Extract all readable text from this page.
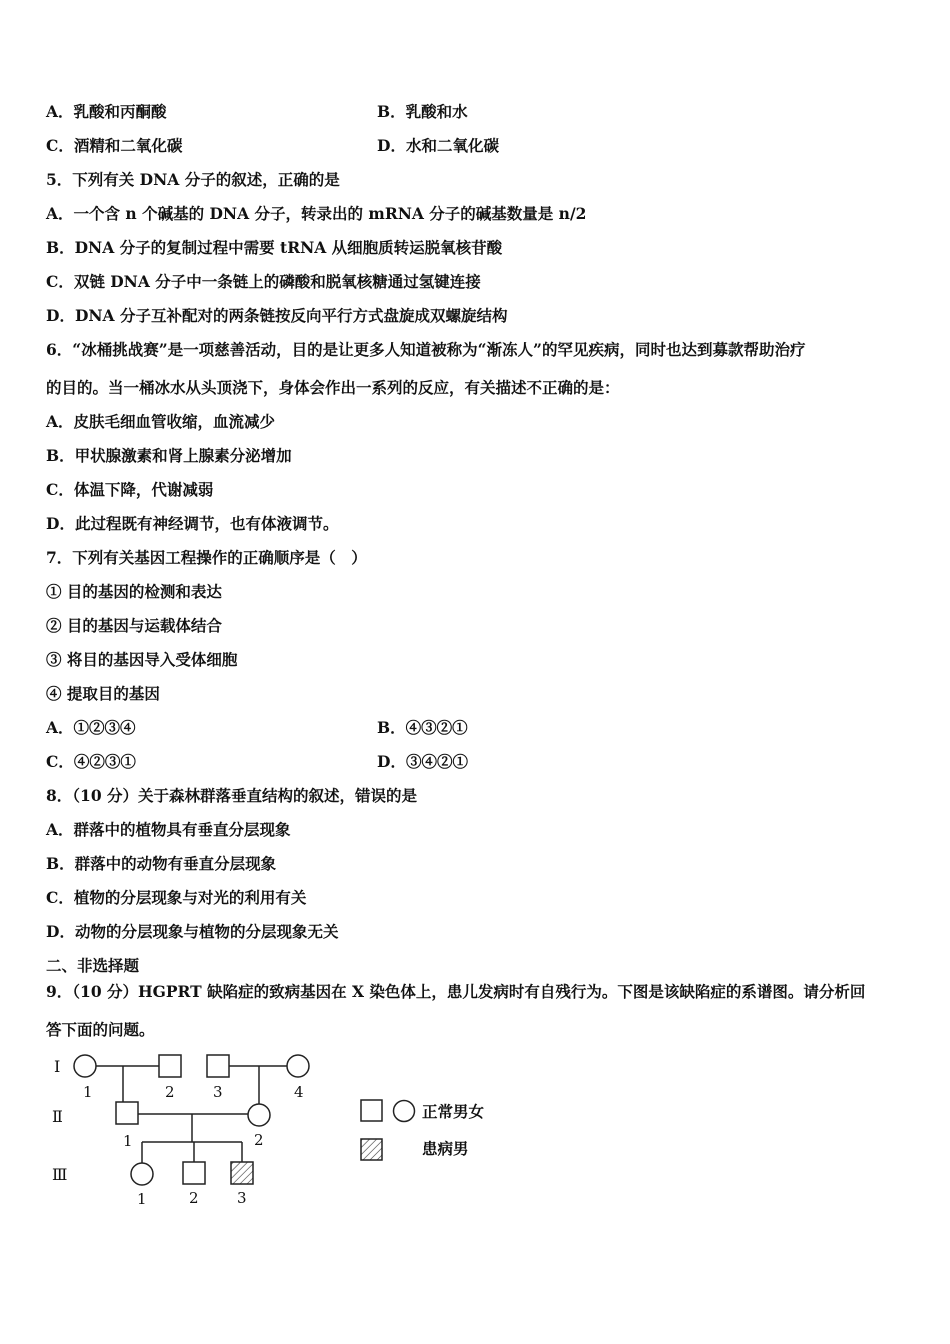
A．乳酸和丙酮酸	B．乳酸和水
C．酒精和二氧化碳	D．水和二氧化碳
5．下列有关 DNA 分子的叙述，正确的是
A．一个含 n 个碱基的 DNA 分子，转录出的 mRNA 分子的碱基数量是 n/2
B．DNA 分子的复制过程中需要 tRNA 从细胞质转运脱氧核苷酸
C．双链 DNA 分子中一条链上的磷酸和脱氧核糖通过氢键连接
D．DNA 分子互补配对的两条链按反向平行方式盘旋成双螺旋结构
6．“冰桶挑战赛”是一项慈善活动，目的是让更多人知道被称为“渐冻人”的罕见疾病，同时也达到募款帮助治疗
的目的。当一桶冰水从头顶浇下，身体会作出一系列的反应，有关描述不正确的是：
A．皮肤毛细血管收缩，血流减少
B．甲状腺激素和肾上腺素分泌增加
C．体温下降，代谢减弱
D．此过程既有神经调节，也有体液调节。
7．下列有关基因工程操作的正确顺序是（　）
① 目的基因的检测和表达
② 目的基因与运载体结合
③ 将目的基因导入受体细胞
④ 提取目的基因
A．①②③④	B．④③②①
C．④②③①	D．③④②①
8．（10 分）关于森林群落垂直结构的叙述，错误的是
A．群落中的植物具有垂直分层现象
B．群落中的动物有垂直分层现象
C．植物的分层现象与对光的利用有关
D．动物的分层现象与植物的分层现象无关
二、非选择题
9．（10 分）HGPRT 缺陷症的致病基因在 X 染色体上，患儿发病时有自残行为。下图是该缺陷症的系谱图。请分析回
答下面的问题。
Ⅰ
Ⅱ
Ⅲ
1	2	3	4
1	2
1	2	3
正常男女
患病男
